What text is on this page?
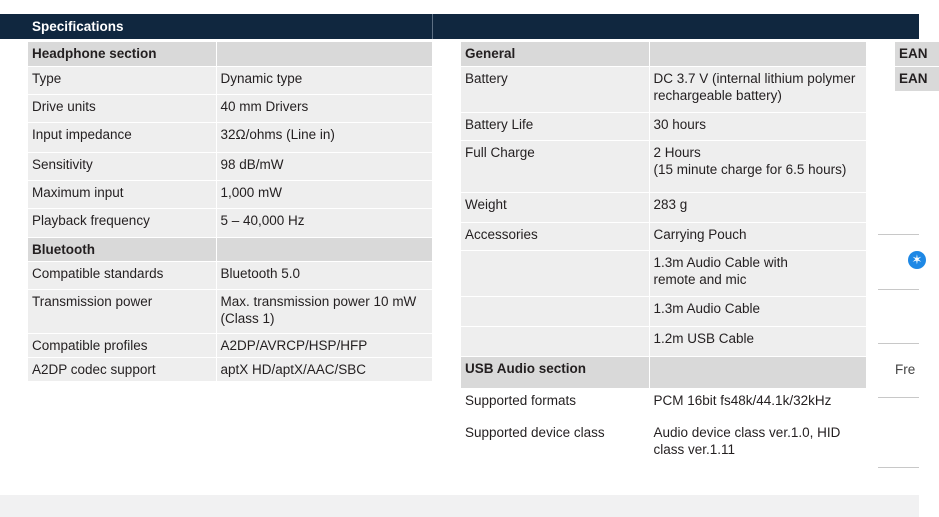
Specifications
Headphone section	
Type	Dynamic type
Drive units	40 mm Drivers
Input impedance	32Ω/ohms (Line in)
Sensitivity	98 dB/mW
Maximum input	1,000 mW
Playback frequency	5 – 40,000 Hz
Bluetooth	
Compatible standards	Bluetooth 5.0
Transmission power	Max. transmission power 10 mW (Class 1)
Compatible profiles	A2DP/AVRCP/HSP/HFP
A2DP codec support	aptX HD/aptX/AAC/SBC
General	
Battery	DC 3.7 V (internal lithium polymer rechargeable battery)
Battery Life	30 hours
Full Charge	2 Hours
(15 minute charge for 6.5 hours)
Weight	283 g
Accessories	Carrying Pouch
	1.3m Audio Cable with
remote and mic
	1.3m Audio Cable
	1.2m USB Cable
USB Audio section	
Supported formats	PCM 16bit fs48k/44.1k/32kHz
Supported device class	Audio device class ver.1.0, HID class ver.1.11
EAN
EAN
✶
Fre
